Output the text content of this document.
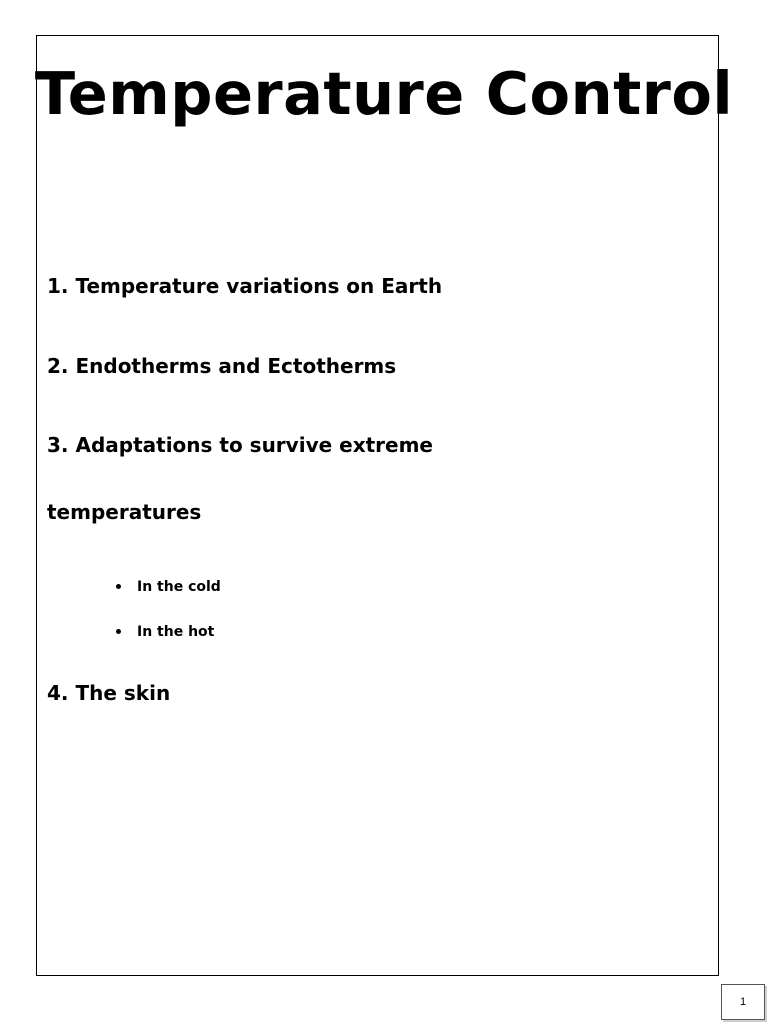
Temperature Control

1. Temperature variations on Earth

2. Endotherms and Ectotherms

3. Adaptations to survive extreme

temperatures

In the cold
In the hot

4. The skin

1
